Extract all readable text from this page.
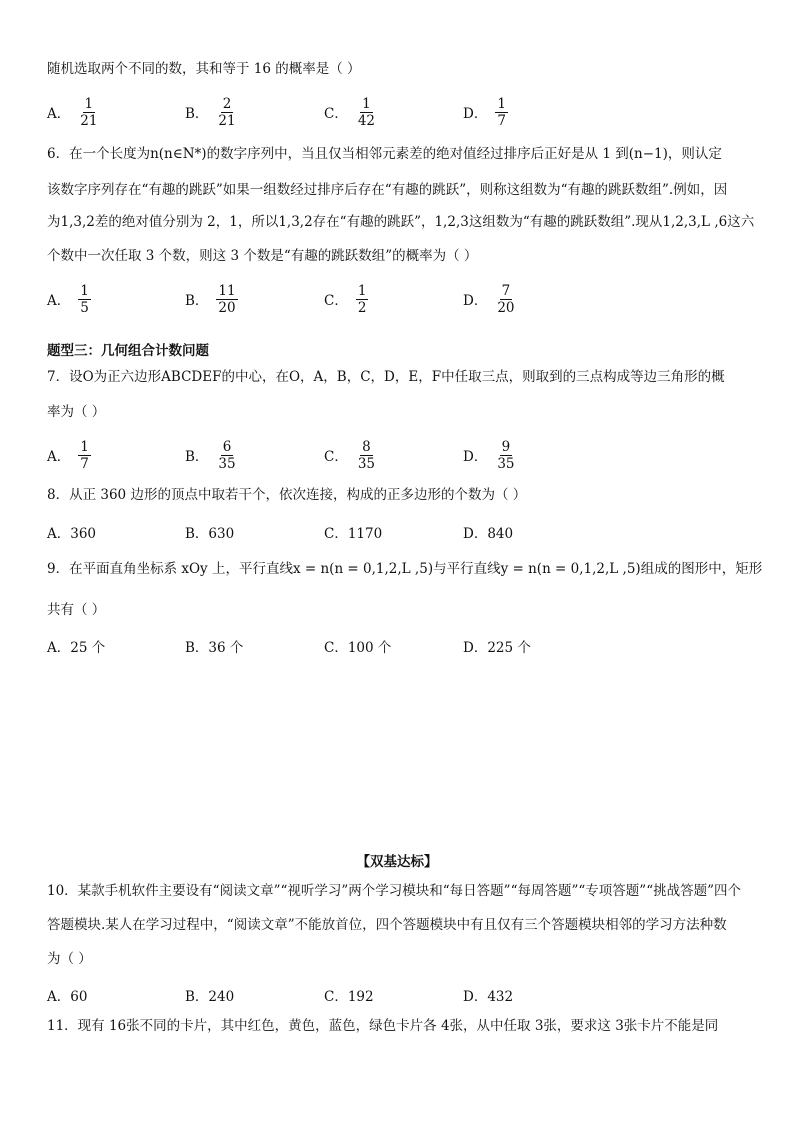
随机选取两个不同的数，其和等于 16 的概率是（ ）
A． $\frac{1}{21}$	B． $\frac{2}{21}$	C． $\frac{1}{42}$	D． $\frac{1}{7}$
6．在一个长度为n(n∈N*)的数字序列中，当且仅当相邻元素差的绝对值经过排序后正好是从 1 到(n−1)，则认定
该数字序列存在“有趣的跳跃”如果一组数经过排序后存在“有趣的跳跃”，则称这组数为“有趣的跳跃数组”.例如，因
为1,3,2差的绝对值分别为 2，1，所以1,3,2存在“有趣的跳跃”，1,2,3这组数为“有趣的跳跃数组”.现从1,2,3,L ,6这六
个数中一次任取 3 个数，则这 3 个数是“有趣的跳跃数组”的概率为（ ）
A． $\frac{1}{5}$	B． $\frac{11}{20}$	C． $\frac{1}{2}$	D． $\frac{7}{20}$
题型三：几何组合计数问题
7．设O为正六边形ABCDEF的中心，在O，A，B，C，D，E，F中任取三点，则取到的三点构成等边三角形的概
率为（ ）
A． $\frac{1}{7}$	B． $\frac{6}{35}$	C． $\frac{8}{35}$	D． $\frac{9}{35}$
8．从正 360 边形的顶点中取若干个，依次连接，构成的正多边形的个数为（ ）
A．360	B．630	C．1170	D．840
9．在平面直角坐标系 xOy 上，平行直线x = n(n = 0,1,2,L ,5)与平行直线y = n(n = 0,1,2,L ,5)组成的图形中，矩形
共有（ ）
A．25 个	B．36 个	C．100 个	D．225 个
【双基达标】
10．某款手机软件主要设有“阅读文章”“视听学习”两个学习模块和“每日答题”“每周答题”“专项答题”“挑战答题”四个
答题模块.某人在学习过程中，“阅读文章”不能放首位，四个答题模块中有且仅有三个答题模块相邻的学习方法种数
为（ ）
A．60	B．240	C．192	D．432
11．现有 16张不同的卡片，其中红色，黄色，蓝色，绿色卡片各 4张，从中任取 3张，要求这 3张卡片不能是同
